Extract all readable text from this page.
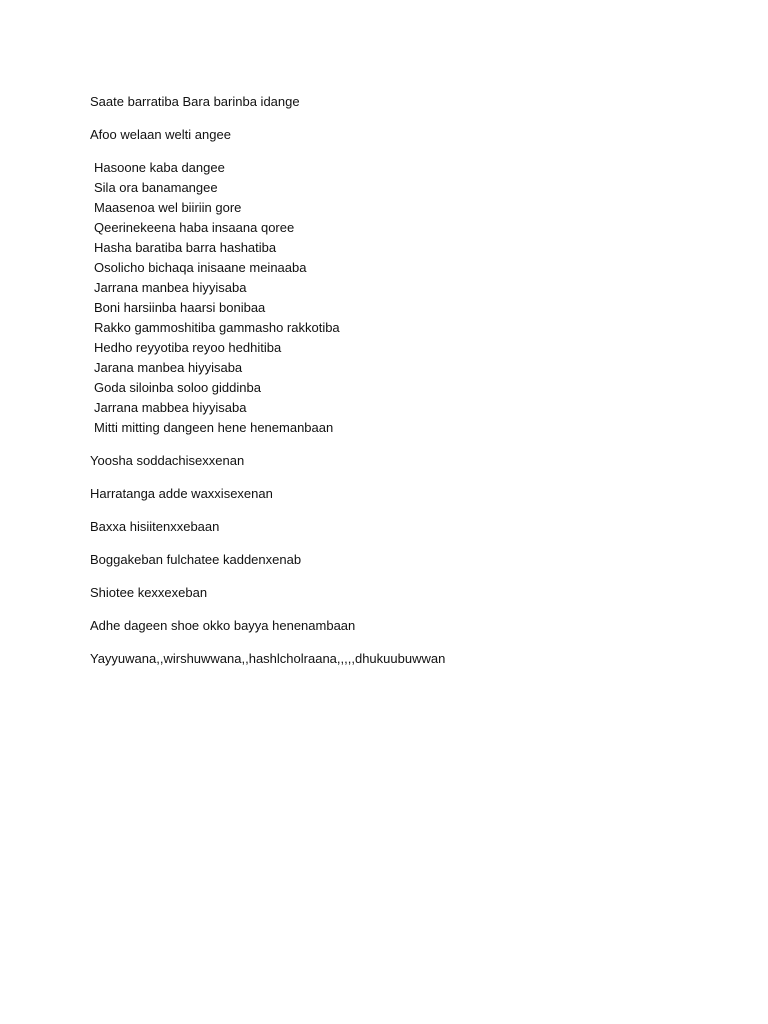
Saate barratiba Bara barinba idange

Afoo welaan welti angee

Hasoone kaba dangee
Sila ora banamangee
Maasenoa wel biiriin gore
Qeerinekeena haba insaana qoree
Hasha baratiba barra hashatiba
Osolicho bichaqa inisaane meinaaba
Jarrana manbea hiyyisaba
Boni harsiinba haarsi bonibaa
Rakko gammoshitiba gammasho rakkotiba
Hedho reyyotiba reyoo hedhitiba
Jarana manbea hiyyisaba
Goda siloinba soloo giddinba
Jarrana mabbea hiyyisaba
Mitti mitting dangeen hene henemanbaan

Yoosha soddachisexxenan

Harratanga adde waxxisexenan

Baxxa hisiitenxxebaan

Boggakeban fulchatee kaddenxenab

Shiotee kexxexeban

Adhe dageen shoe okko bayya henenambaan

Yayyuwana,,wirshuwwana,,hashlcholraana,,,,,dhukuubuwwan
